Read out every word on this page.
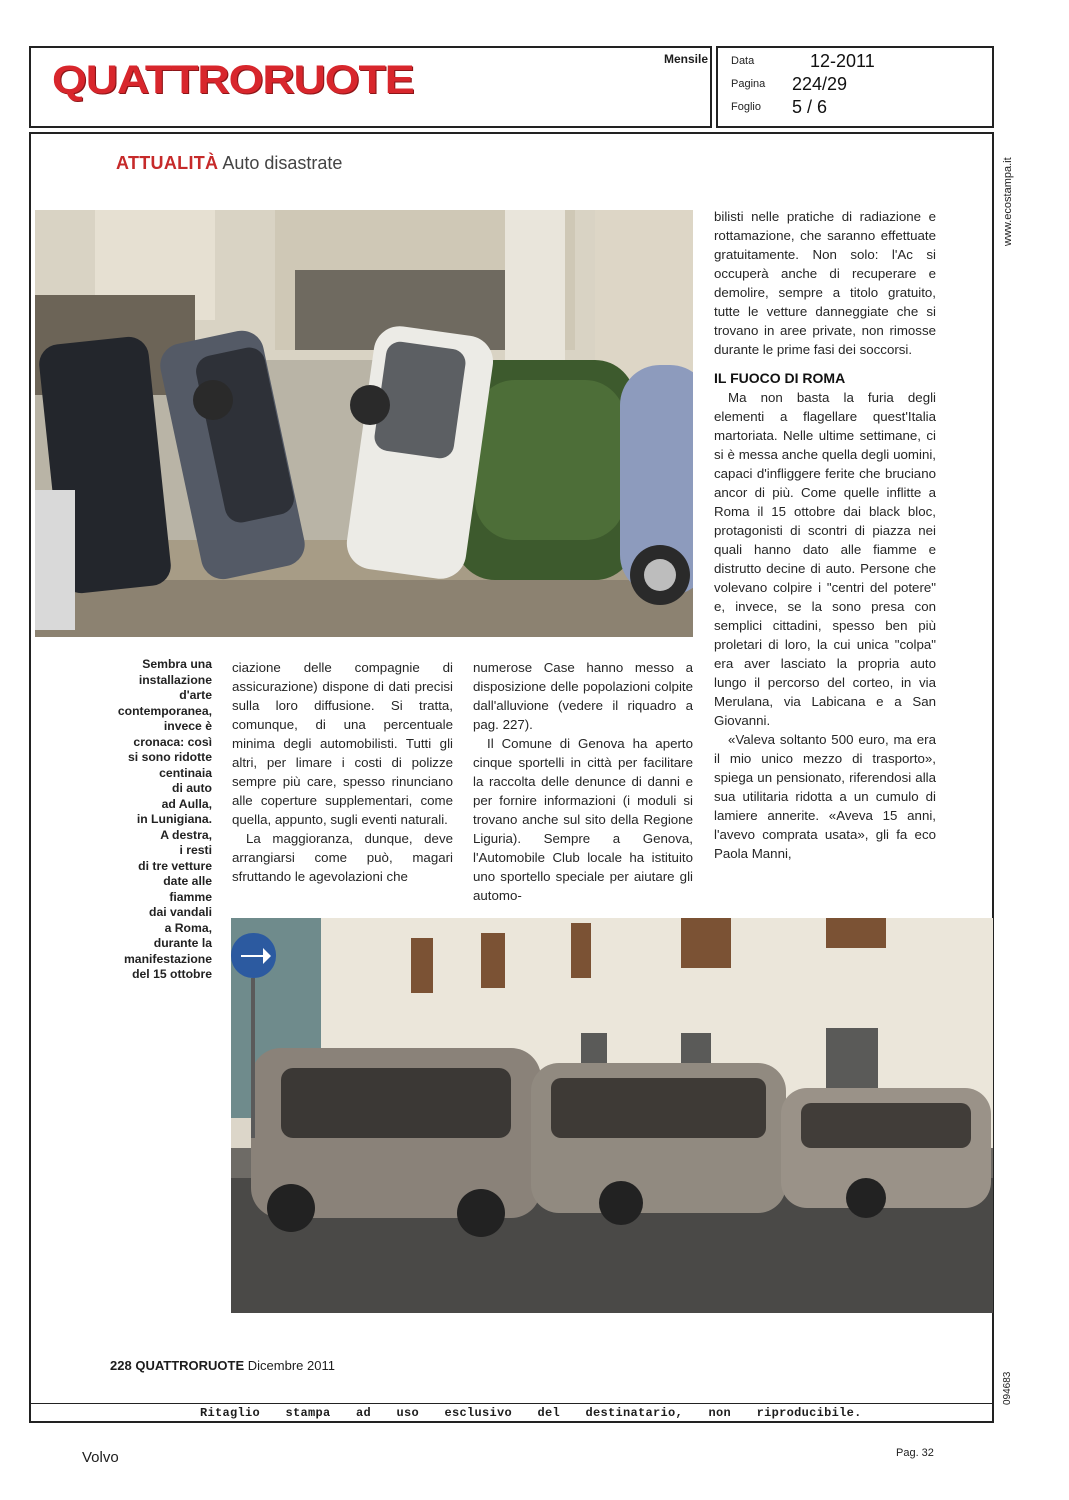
QUATTRORUOTE	Mensile Data	12-2011
Pagina 224/29
Foglio 5 / 6
Ritaglio stampa ad uso esclusivo del destinatario, non riproducibile.
www.ecostampa.it
094683
ATTUALITÀ Auto disastrate
Sembra una
installazione
d'arte
contemporanea,
invece è
cronaca: così
si sono ridotte
centinaia
di auto
ad Aulla,
in Lunigiana.
A destra,
i resti
di tre vetture
date alle
fiamme
dai vandali
a Roma,
durante la
manifestazione
del 15 ottobre

ciazione delle compagnie di assicurazione) dispone di dati precisi sulla loro diffusione. Si tratta, comunque, di una percentuale minima degli automobilisti. Tutti gli altri, per limare i costi di polizze sempre più care, spesso rinunciano alle coperture supplementari, come quella, appunto, sugli eventi naturali.

La maggioranza, dunque, deve arrangiarsi come può, magari sfruttando le agevolazioni che

numerose Case hanno messo a disposizione delle popolazioni colpite dall'alluvione (vedere il riquadro a pag. 227).

Il Comune di Genova ha aperto cinque sportelli in città per facilitare la raccolta delle denunce di danni e per fornire informazioni (i moduli si trovano anche sul sito della Regione Liguria). Sempre a Genova, l'Automobile Club locale ha istituito uno sportello speciale per aiutare gli automo-

bilisti nelle pratiche di radiazione e rottamazione, che saranno effettuate gratuitamente. Non solo: l'Ac si occuperà anche di recuperare e demolire, sempre a titolo gratuito, tutte le vetture danneggiate che si trovano in aree private, non rimosse durante le prime fasi dei soccorsi.

IL FUOCO DI ROMA

Ma non basta la furia degli elementi a flagellare quest'Italia martoriata. Nelle ultime settimane, ci si è messa anche quella degli uomini, capaci d'infliggere ferite che bruciano ancor di più. Come quelle inflitte a Roma il 15 ottobre dai black bloc, protagonisti di scontri di piazza nei quali hanno dato alle fiamme e distrutto decine di auto. Persone che volevano colpire i "centri del potere" e, invece, se la sono presa con semplici cittadini, spesso ben più proletari di loro, la cui unica "colpa" era aver lasciato la propria auto lungo il percorso del corteo, in via Merulana, via Labicana e a San Giovanni.

«Valeva soltanto 500 euro, ma era il mio unico mezzo di trasporto», spiega un pensionato, riferendosi alla sua utilitaria ridotta a un cumulo di lamiere annerite. «Aveva 15 anni, l'avevo comprata usata», gli fa eco Paola Manni,

228 QUATTRORUOTE Dicembre 2011
Volvo	Pag. 32
